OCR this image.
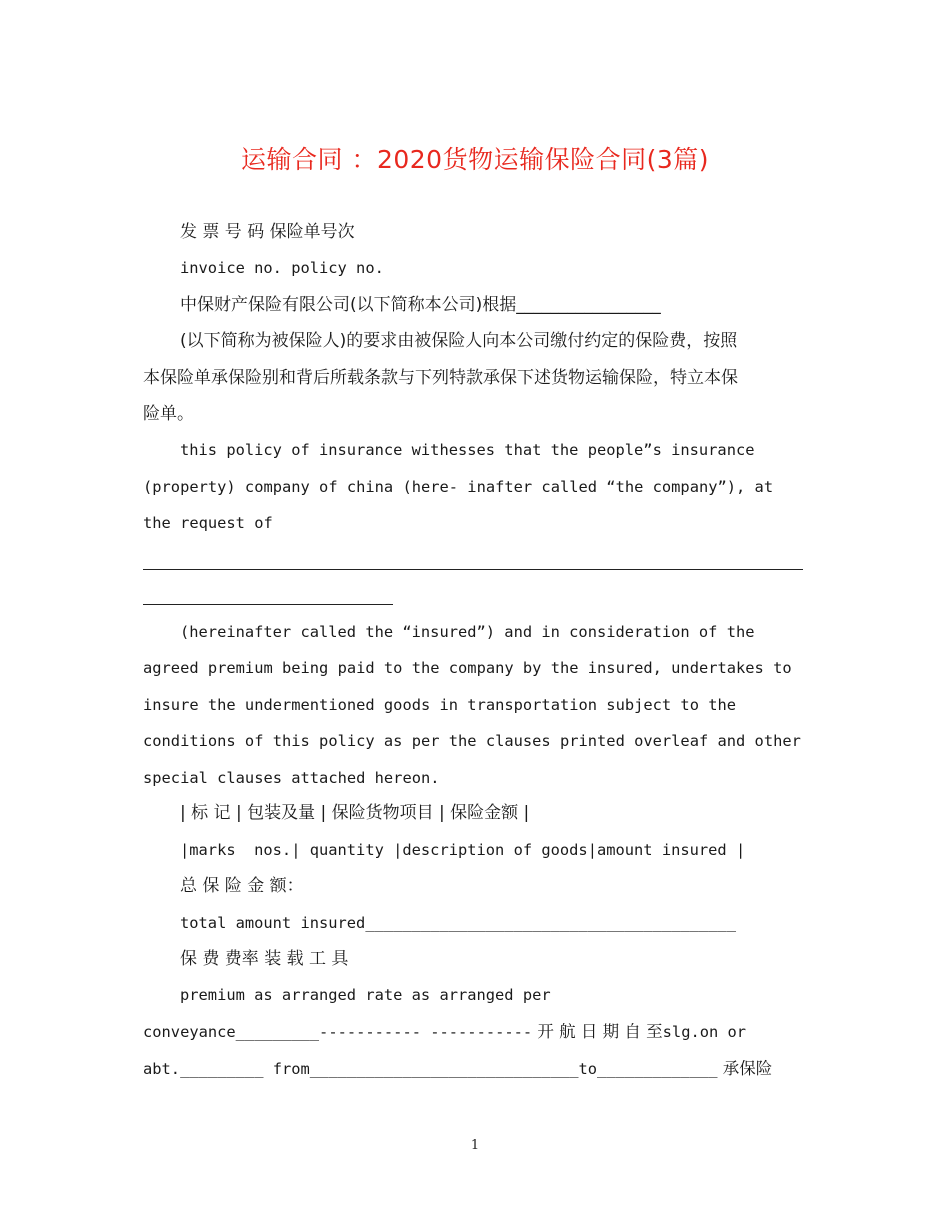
运输合同 ：2020货物运输保险合同(3篇)
发 票 号 码 保险单号次
invoice no. policy no.
中保财产保险有限公司(以下简称本公司)根据_________________
(以下简称为被保险人)的要求由被保险人向本公司缴付约定的保险费，按照
本保险单承保险别和背后所载条款与下列特款承保下述货物运输保险，特立本保
险单。
this policy of insurance withesses that the people”s insurance
(property) company of china (here- inafter called “the company”), at
the request of
(hereinafter called the “insured”) and in consideration of the
agreed premium being paid to the company by the insured, undertakes to
insure the undermentioned goods in transportation subject to the
conditions of this policy as per the clauses printed overleaf and other
special clauses attached hereon.
| 标 记 | 包装及量 | 保险货物项目 | 保险金额 |
|marks  nos.| quantity |description of goods|amount insured |
总 保 险 金 额：
total amount insured________________________________________
保 费 费率 装 载 工 具
premium as arranged rate as arranged per
conveyance_________----------- ----------- 开 航 日 期 自 至slg.on or
abt._________ from_____________________________to_____________ 承保险
1
